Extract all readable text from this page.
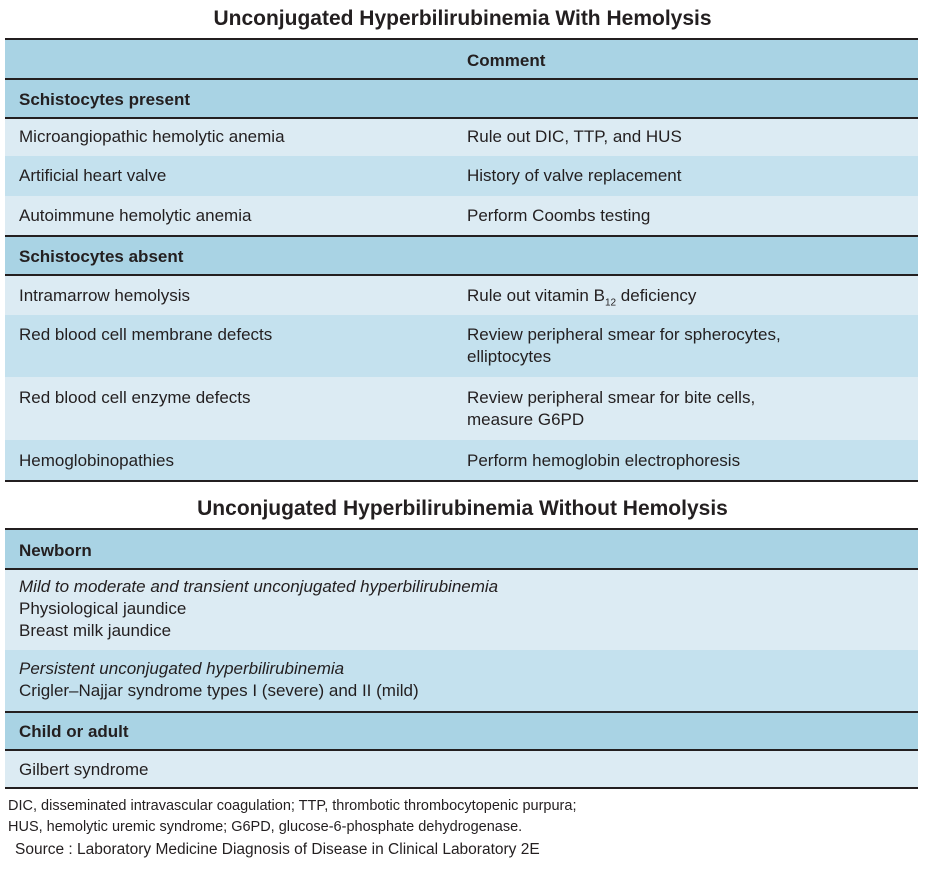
Unconjugated Hyperbilirubinemia With Hemolysis
Comment
Schistocytes present
Microangiopathic hemolytic anemia	Rule out DIC, TTP, and HUS
Artificial heart valve	History of valve replacement
Autoimmune hemolytic anemia	Perform Coombs testing
Schistocytes absent
Intramarrow hemolysis	Rule out vitamin $B_{12}$ deficiency
Red blood cell membrane defects	Review peripheral smear for spherocytes,
elliptocytes
Red blood cell enzyme defects	Review peripheral smear for bite cells,
measure G6PD
Hemoglobinopathies	Perform hemoglobin electrophoresis
Unconjugated Hyperbilirubinemia Without Hemolysis
Newborn
Mild to moderate and transient unconjugated hyperbilirubinemia
Physiological jaundice
Breast milk jaundice
Persistent unconjugated hyperbilirubinemia
Crigler–Najjar syndrome types I (severe) and II (mild)
Child or adult
Gilbert syndrome
DIC, disseminated intravascular coagulation; TTP, thrombotic thrombocytopenic purpura;
HUS, hemolytic uremic syndrome; G6PD, glucose-6-phosphate dehydrogenase.
Source : Laboratory Medicine Diagnosis of Disease in Clinical Laboratory 2E
